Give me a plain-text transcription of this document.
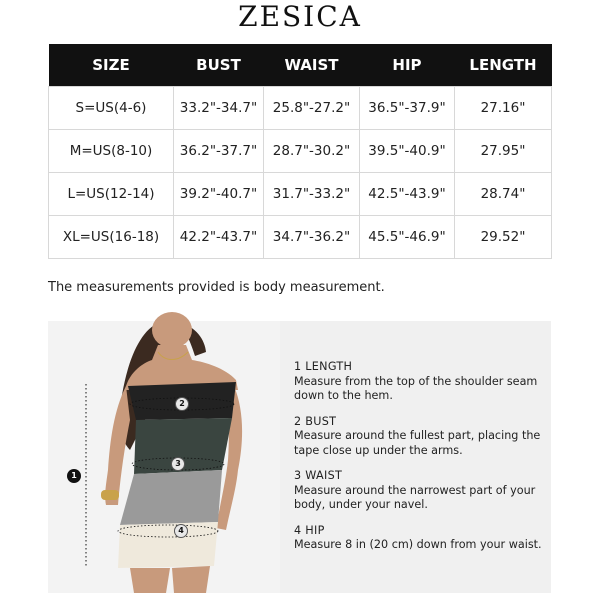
ZESICA
SIZE	BUST	WAIST	HIP	LENGTH
S=US(4-6)	33.2"-34.7"	25.8"-27.2"	36.5"-37.9"	27.16"
M=US(8-10)	36.2"-37.7"	28.7"-30.2"	39.5"-40.9"	27.95"
L=US(12-14)	39.2"-40.7"	31.7"-33.2"	42.5"-43.9"	28.74"
XL=US(16-18)	42.2"-43.7"	34.7"-36.2"	45.5"-46.9"	29.52"
The measurements provided is body measurement.
1
2
3
4
1 LENGTH
Measure from the top of the shoulder seam down to the hem.
2 BUST
Measure around the fullest part, placing the tape close up under the arms.
3 WAIST
Measure around the narrowest part of your body, under your navel.
4 HIP
Measure 8 in (20 cm) down from your waist.
